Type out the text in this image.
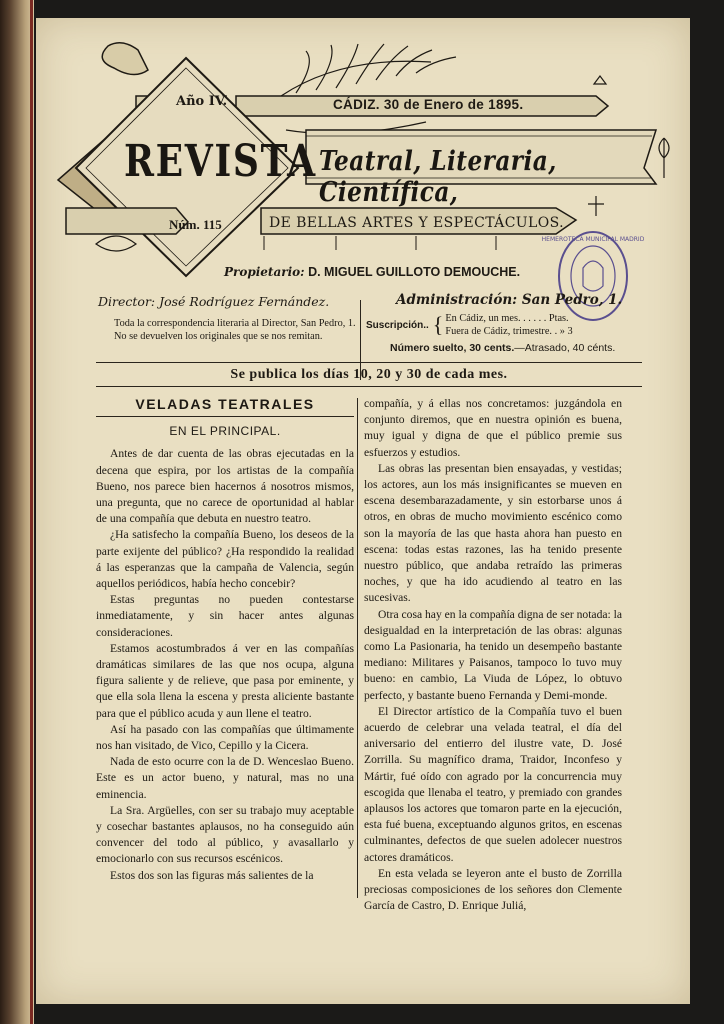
Año IV.	CÁDIZ. 30 de Enero de 1895.
REVISTA Teatral, Literaria, Científica,
Núm. 115	DE BELLAS ARTES Y ESPECTÁCULOS.
Propietario: D. MIGUEL GUILLOTO DEMOUCHE.
HEMEROTECA MUNICIPAL MADRID
Director: José Rodríguez Fernández.

Toda la correspondencia literaria al Director, San Pedro, 1.

No se devuelven los originales que se nos remitan.

Administración: San Pedro, 1.
Suscripción.. { En Cádiz, un mes. . . . . . Ptas.
Fuera de Cádiz, trimestre. . » 3
Número suelto, 30 cents.—Atrasado, 40 cénts.
Se publica los días 10, 20 y 30 de cada mes.
VELADAS TEATRALES
EN EL PRINCIPAL.

Antes de dar cuenta de las obras ejecutadas en la decena que espira, por los artistas de la compañía Bueno, nos parece bien hacernos á nosotros mismos, una pregunta, que no carece de oportunidad al hablar de una compañía que debuta en nuestro teatro.

¿Ha satisfecho la compañía Bueno, los deseos de la parte exijente del público? ¿Ha respondido la realidad á las esperanzas que la campaña de Valencia, según aquellos periódicos, había hecho concebir?

Estas preguntas no pueden contestarse inmediatamente, y sin hacer antes algunas consideraciones.

Estamos acostumbrados á ver en las compañías dramáticas similares de las que nos ocupa, alguna figura saliente y de relieve, que pasa por eminente, y que ella sola llena la escena y presta aliciente bastante para que el público acuda y aun llene el teatro.

Así ha pasado con las compañías que últimamente nos han visitado, de Vico, Cepillo y la Cicera.

Nada de esto ocurre con la de D. Wenceslao Bueno. Este es un actor bueno, y natural, mas no una eminencia.

La Sra. Argüelles, con ser su trabajo muy aceptable y cosechar bastantes aplausos, no ha conseguido aún convencer del todo al público, y avasallarlo y emocionarlo con sus recursos escénicos.

Estos dos son las figuras más salientes de la

compañía, y á ellas nos concretamos: juzgándola en conjunto diremos, que en nuestra opinión es buena, muy igual y digna de que el público premie sus esfuerzos y estudios.

Las obras las presentan bien ensayadas, y vestidas; los actores, aun los más insignificantes se mueven en escena desembarazadamente, y sin estorbarse unos á otros, en obras de mucho movimiento escénico como son la mayoría de las que hasta ahora han puesto en escena: todas estas razones, las ha tenido presente nuestro público, que andaba retraído las primeras noches, y que ha ido acudiendo al teatro en las sucesivas.

Otra cosa hay en la compañía digna de ser notada: la desigualdad en la interpretación de las obras: algunas como La Pasionaria, ha tenido un desempeño bastante mediano: Militares y Paisanos, tampoco lo tuvo muy bueno: en cambio, La Viuda de López, lo obtuvo perfecto, y bastante bueno Fernanda y Demi-monde.

El Director artístico de la Compañía tuvo el buen acuerdo de celebrar una velada teatral, el día del aniversario del entierro del ilustre vate, D. José Zorrilla. Su magnífico drama, Traidor, Inconfeso y Mártir, fué oído con agrado por la concurrencia muy escogida que llenaba el teatro, y premiado con grandes aplausos los actores que tomaron parte en la ejecución, esta fué buena, exceptuando algunos gritos, en escenas culminantes, defectos de que suelen adolecer nuestros actores dramáticos.

En esta velada se leyeron ante el busto de Zorrilla preciosas composiciones de los señores don Clemente García de Castro, D. Enrique Juliá,
